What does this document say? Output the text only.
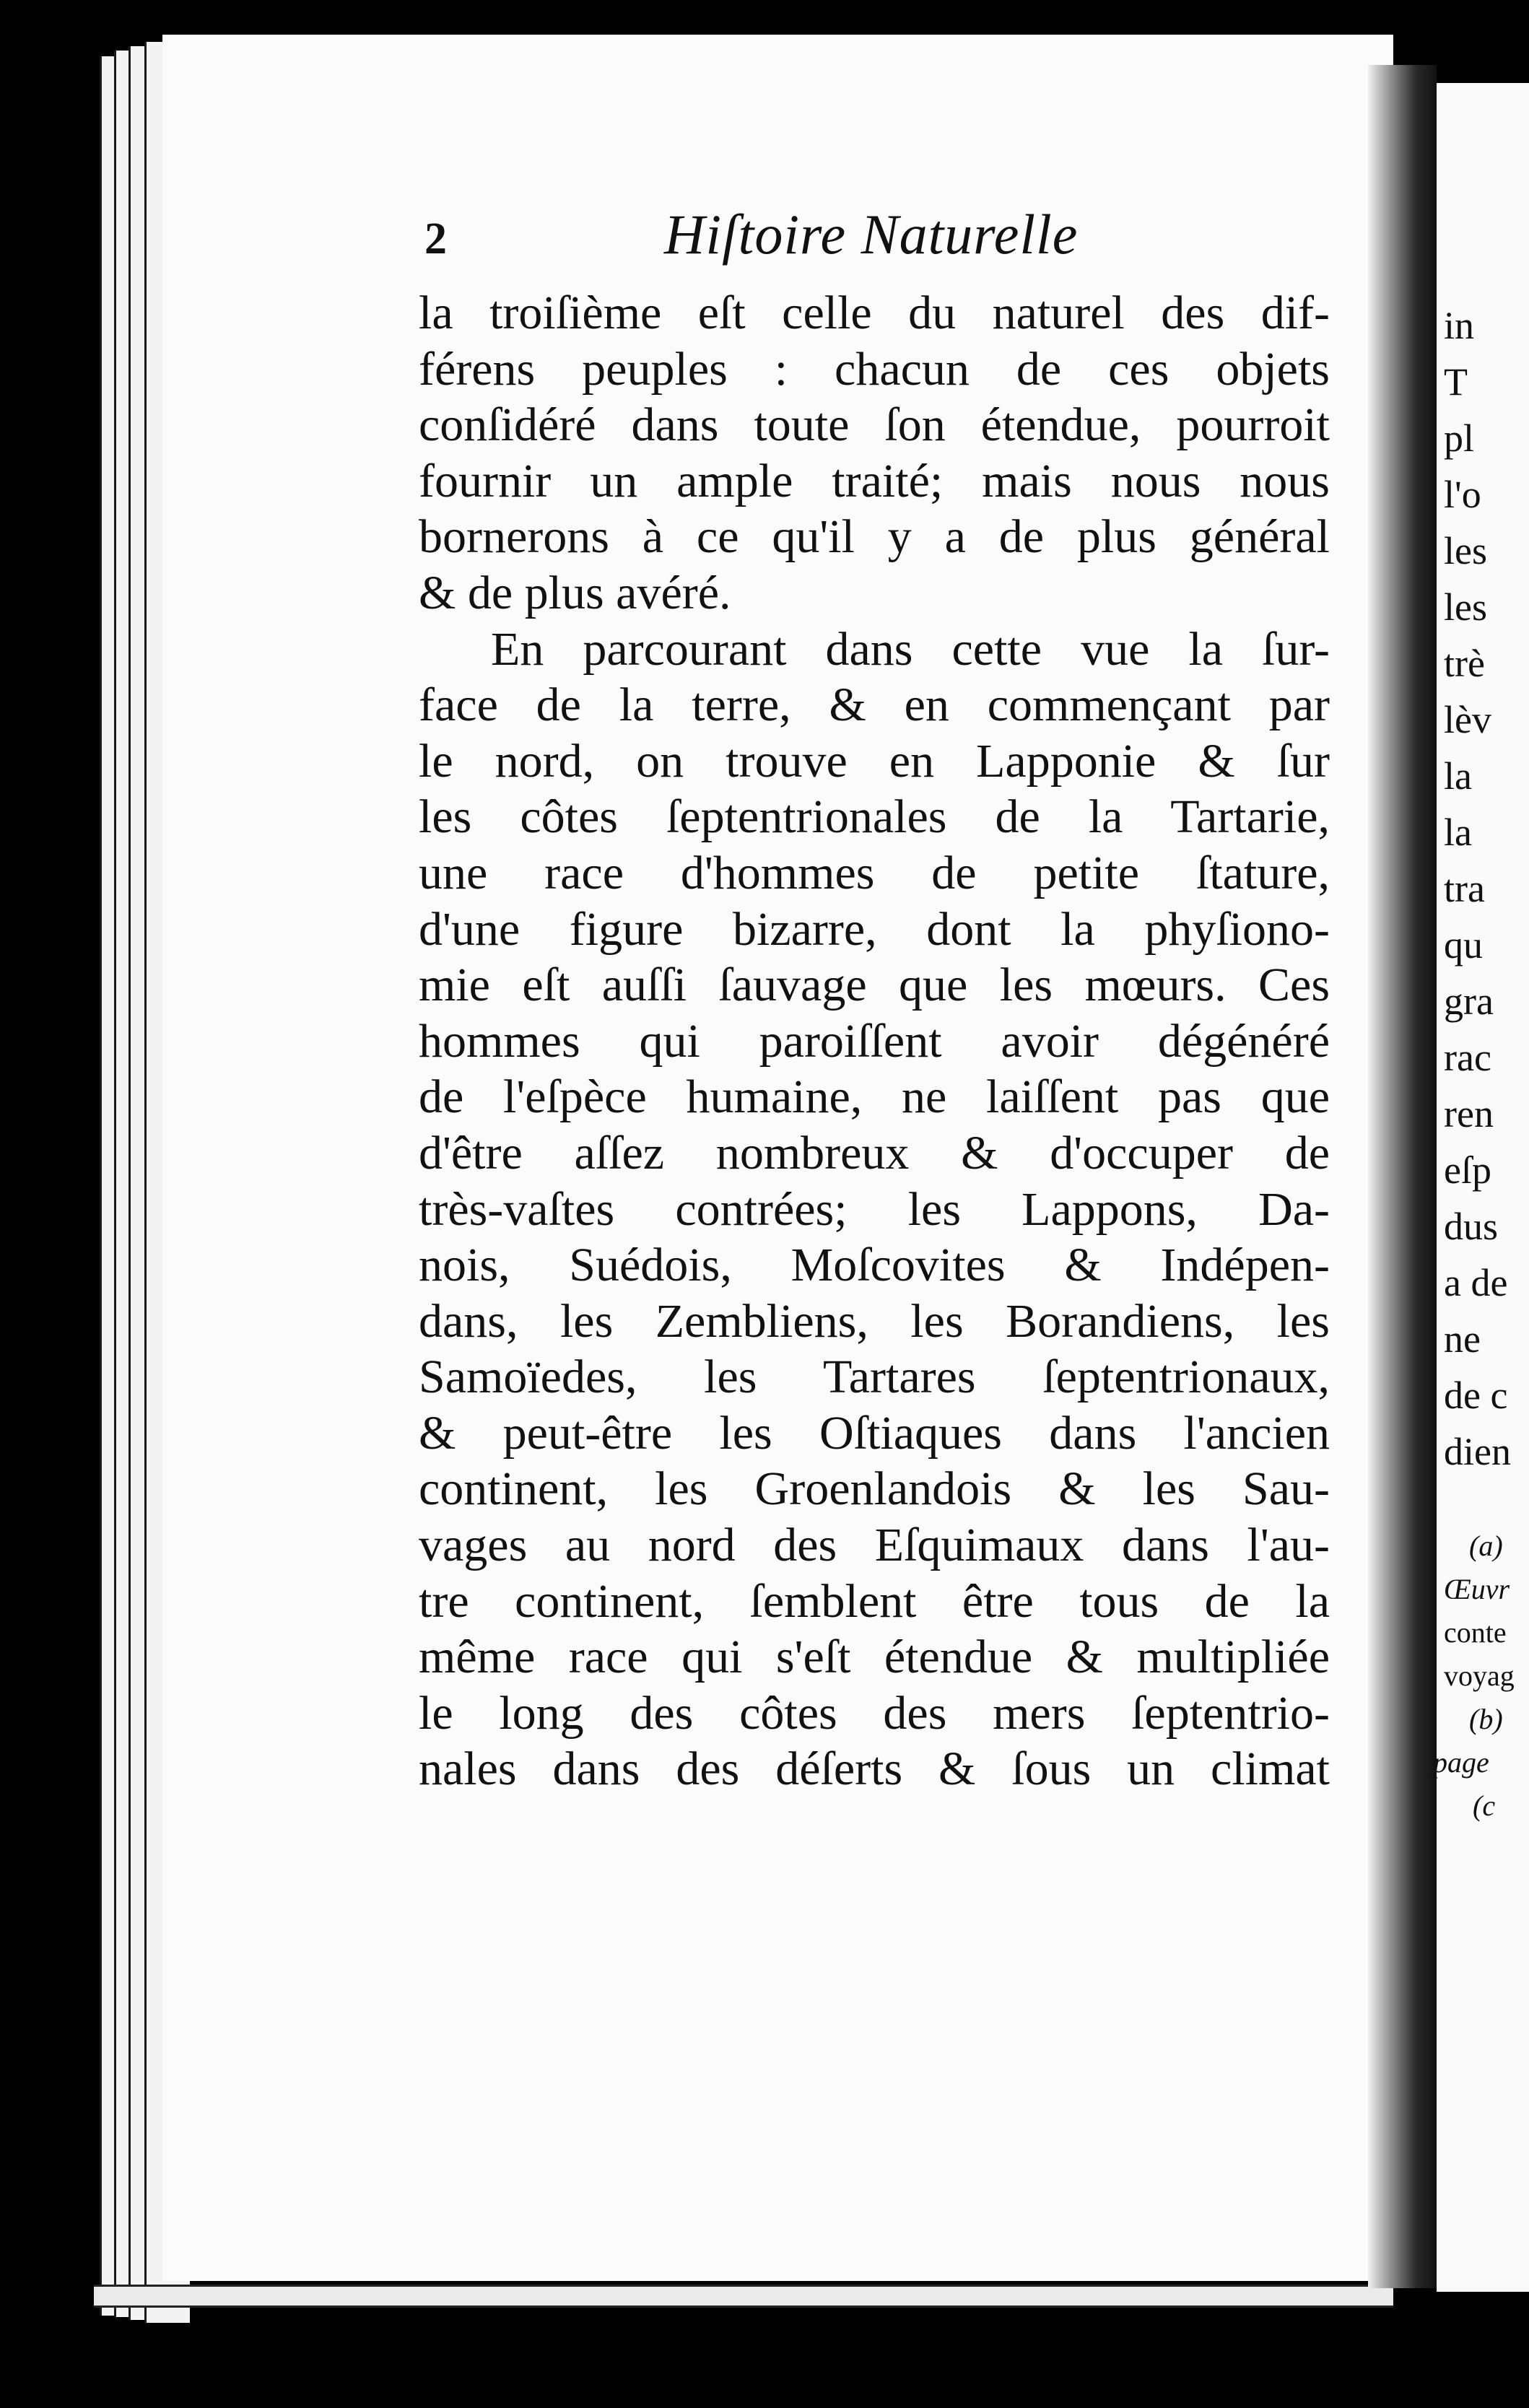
2	Hiſtoire Naturelle
la troiſième eſt celle du naturel des dif-
férens peuples : chacun de ces objets
conſidéré dans toute ſon étendue, pourroit
fournir un ample traité; mais nous nous
bornerons à ce qu'il y a de plus général
& de plus avéré.
En parcourant dans cette vue la ſur-
face de la terre, & en commençant par
le nord, on trouve en Lapponie & ſur
les côtes ſeptentrionales de la Tartarie,
une race d'hommes de petite ſtature,
d'une figure bizarre, dont la phyſiono-
mie eſt auſſi ſauvage que les mœurs. Ces
hommes qui paroiſſent avoir dégénéré
de l'eſpèce humaine, ne laiſſent pas que
d'être aſſez nombreux & d'occuper de
très-vaſtes contrées; les Lappons, Da-
nois, Suédois, Moſcovites & Indépen-
dans, les Zembliens, les Borandiens, les
Samoïedes, les Tartares ſeptentrionaux,
& peut-être les Oſtiaques dans l'ancien
continent, les Groenlandois & les Sau-
vages au nord des Eſquimaux dans l'au-
tre continent, ſemblent être tous de la
même race qui s'eſt étendue & multipliée
le long des côtes des mers ſeptentrio-
nales dans des déſerts & ſous un climat
in
T
pl
l'o
les
les
trè
lèv
la
la
tra
qu
gra
rac
ren
eſp
dus
a de
ne
de c
dien
(a)
Œuvr
conte
voyag
(b)
page
(c
